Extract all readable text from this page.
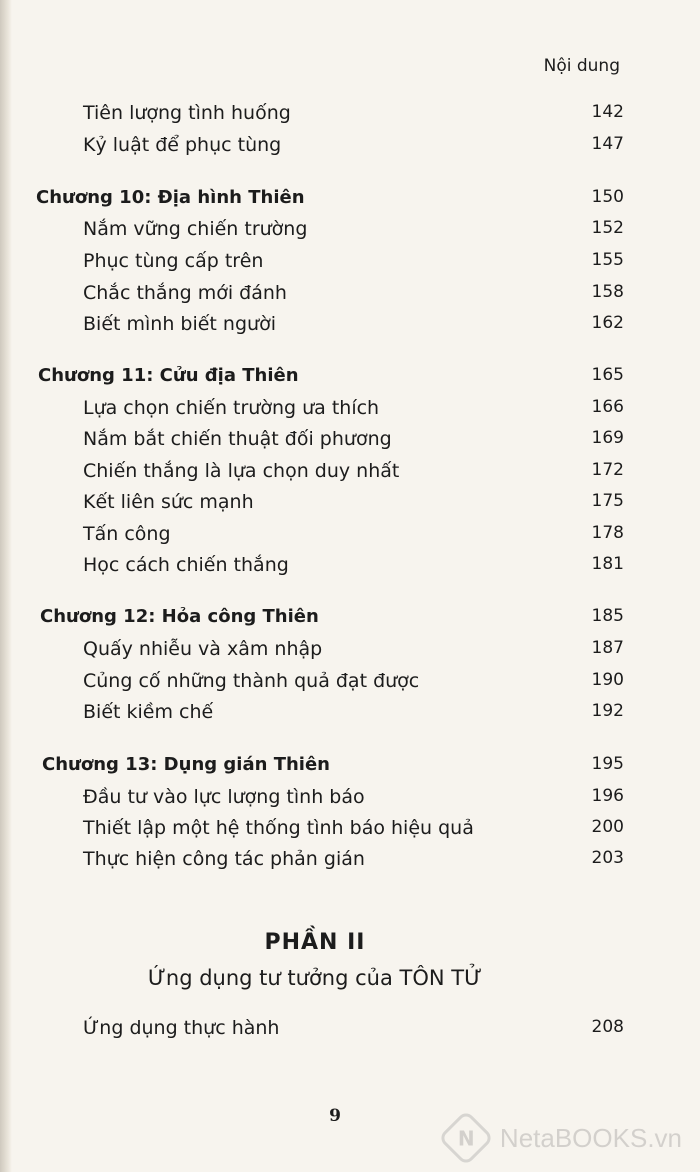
Nội dung
Tiên lượng tình huống	142
Kỷ luật để phục tùng	147
Chương 10: Địa hình Thiên	150
Nắm vững chiến trường	152
Phục tùng cấp trên	155
Chắc thắng mới đánh	158
Biết mình biết người	162
Chương 11: Cửu địa Thiên	165
Lựa chọn chiến trường ưa thích	166
Nắm bắt chiến thuật đối phương	169
Chiến thắng là lựa chọn duy nhất	172
Kết liên sức mạnh	175
Tấn công	178
Học cách chiến thắng	181
Chương 12: Hỏa công Thiên	185
Quấy nhiễu và xâm nhập	187
Củng cố những thành quả đạt được	190
Biết kiềm chế	192
Chương 13: Dụng gián Thiên	195
Đầu tư vào lực lượng tình báo	196
Thiết lập một hệ thống tình báo hiệu quả	200
Thực hiện công tác phản gián	203
PHẦN II
Ứng dụng tư tưởng của TÔN TỬ
Ứng dụng thực hành	208
9
N NetaBOOKS.vn
